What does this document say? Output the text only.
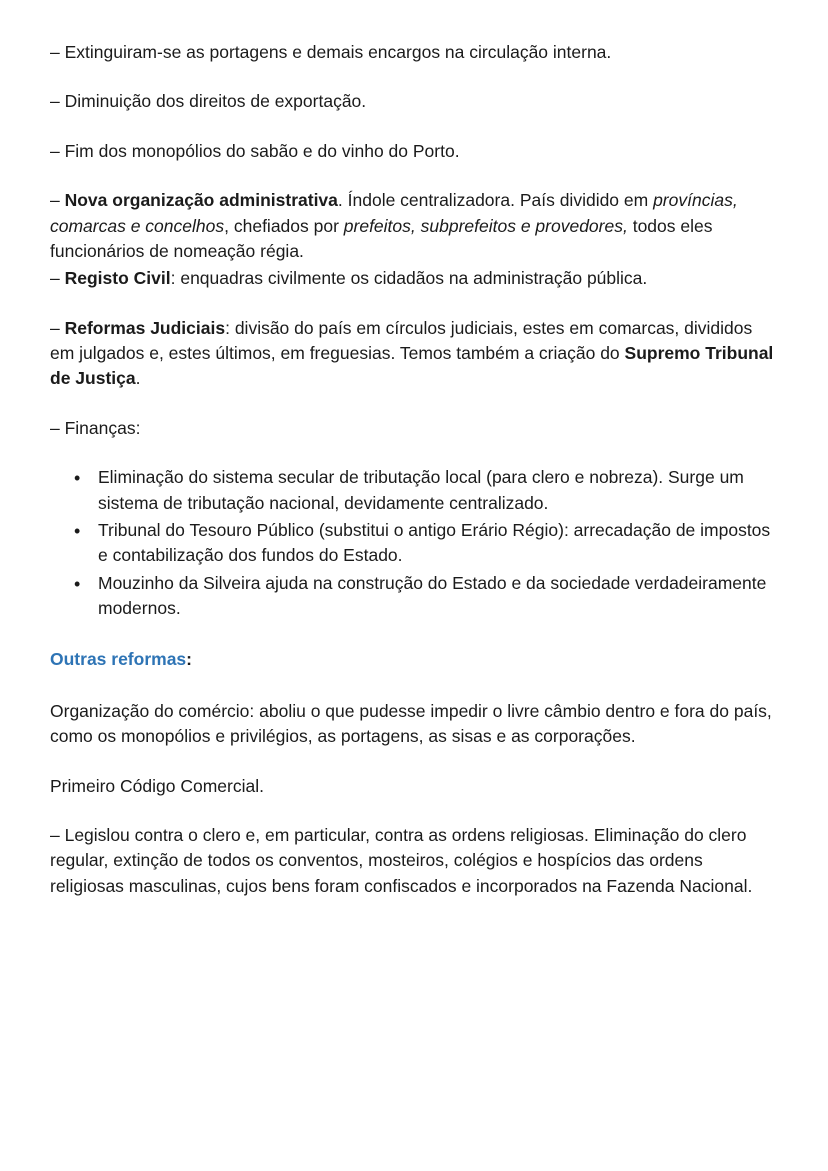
– Extinguiram-se as portagens e demais encargos na circulação interna.

– Diminuição dos direitos de exportação.

– Fim dos monopólios do sabão e do vinho do Porto.

– Nova organização administrativa. Índole centralizadora. País dividido em províncias, comarcas e concelhos, chefiados por prefeitos, subprefeitos e provedores, todos eles funcionários de nomeação régia.

– Registo Civil: enquadras civilmente os cidadãos na administração pública.

– Reformas Judiciais: divisão do país em círculos judiciais, estes em comarcas, divididos em julgados e, estes últimos, em freguesias. Temos também a criação do Supremo Tribunal de Justiça.

– Finanças:

• Eliminação do sistema secular de tributação local (para clero e nobreza). Surge um sistema de tributação nacional, devidamente centralizado.
• Tribunal do Tesouro Público (substitui o antigo Erário Régio): arrecadação de impostos e contabilização dos fundos do Estado.
• Mouzinho da Silveira ajuda na construção do Estado e da sociedade verdadeiramente modernos.

Outras reformas:

Organização do comércio: aboliu o que pudesse impedir o livre câmbio dentro e fora do país, como os monopólios e privilégios, as portagens, as sisas e as corporações.

Primeiro Código Comercial.

– Legislou contra o clero e, em particular, contra as ordens religiosas. Eliminação do clero regular, extinção de todos os conventos, mosteiros, colégios e hospícios das ordens religiosas masculinas, cujos bens foram confiscados e incorporados na Fazenda Nacional.
